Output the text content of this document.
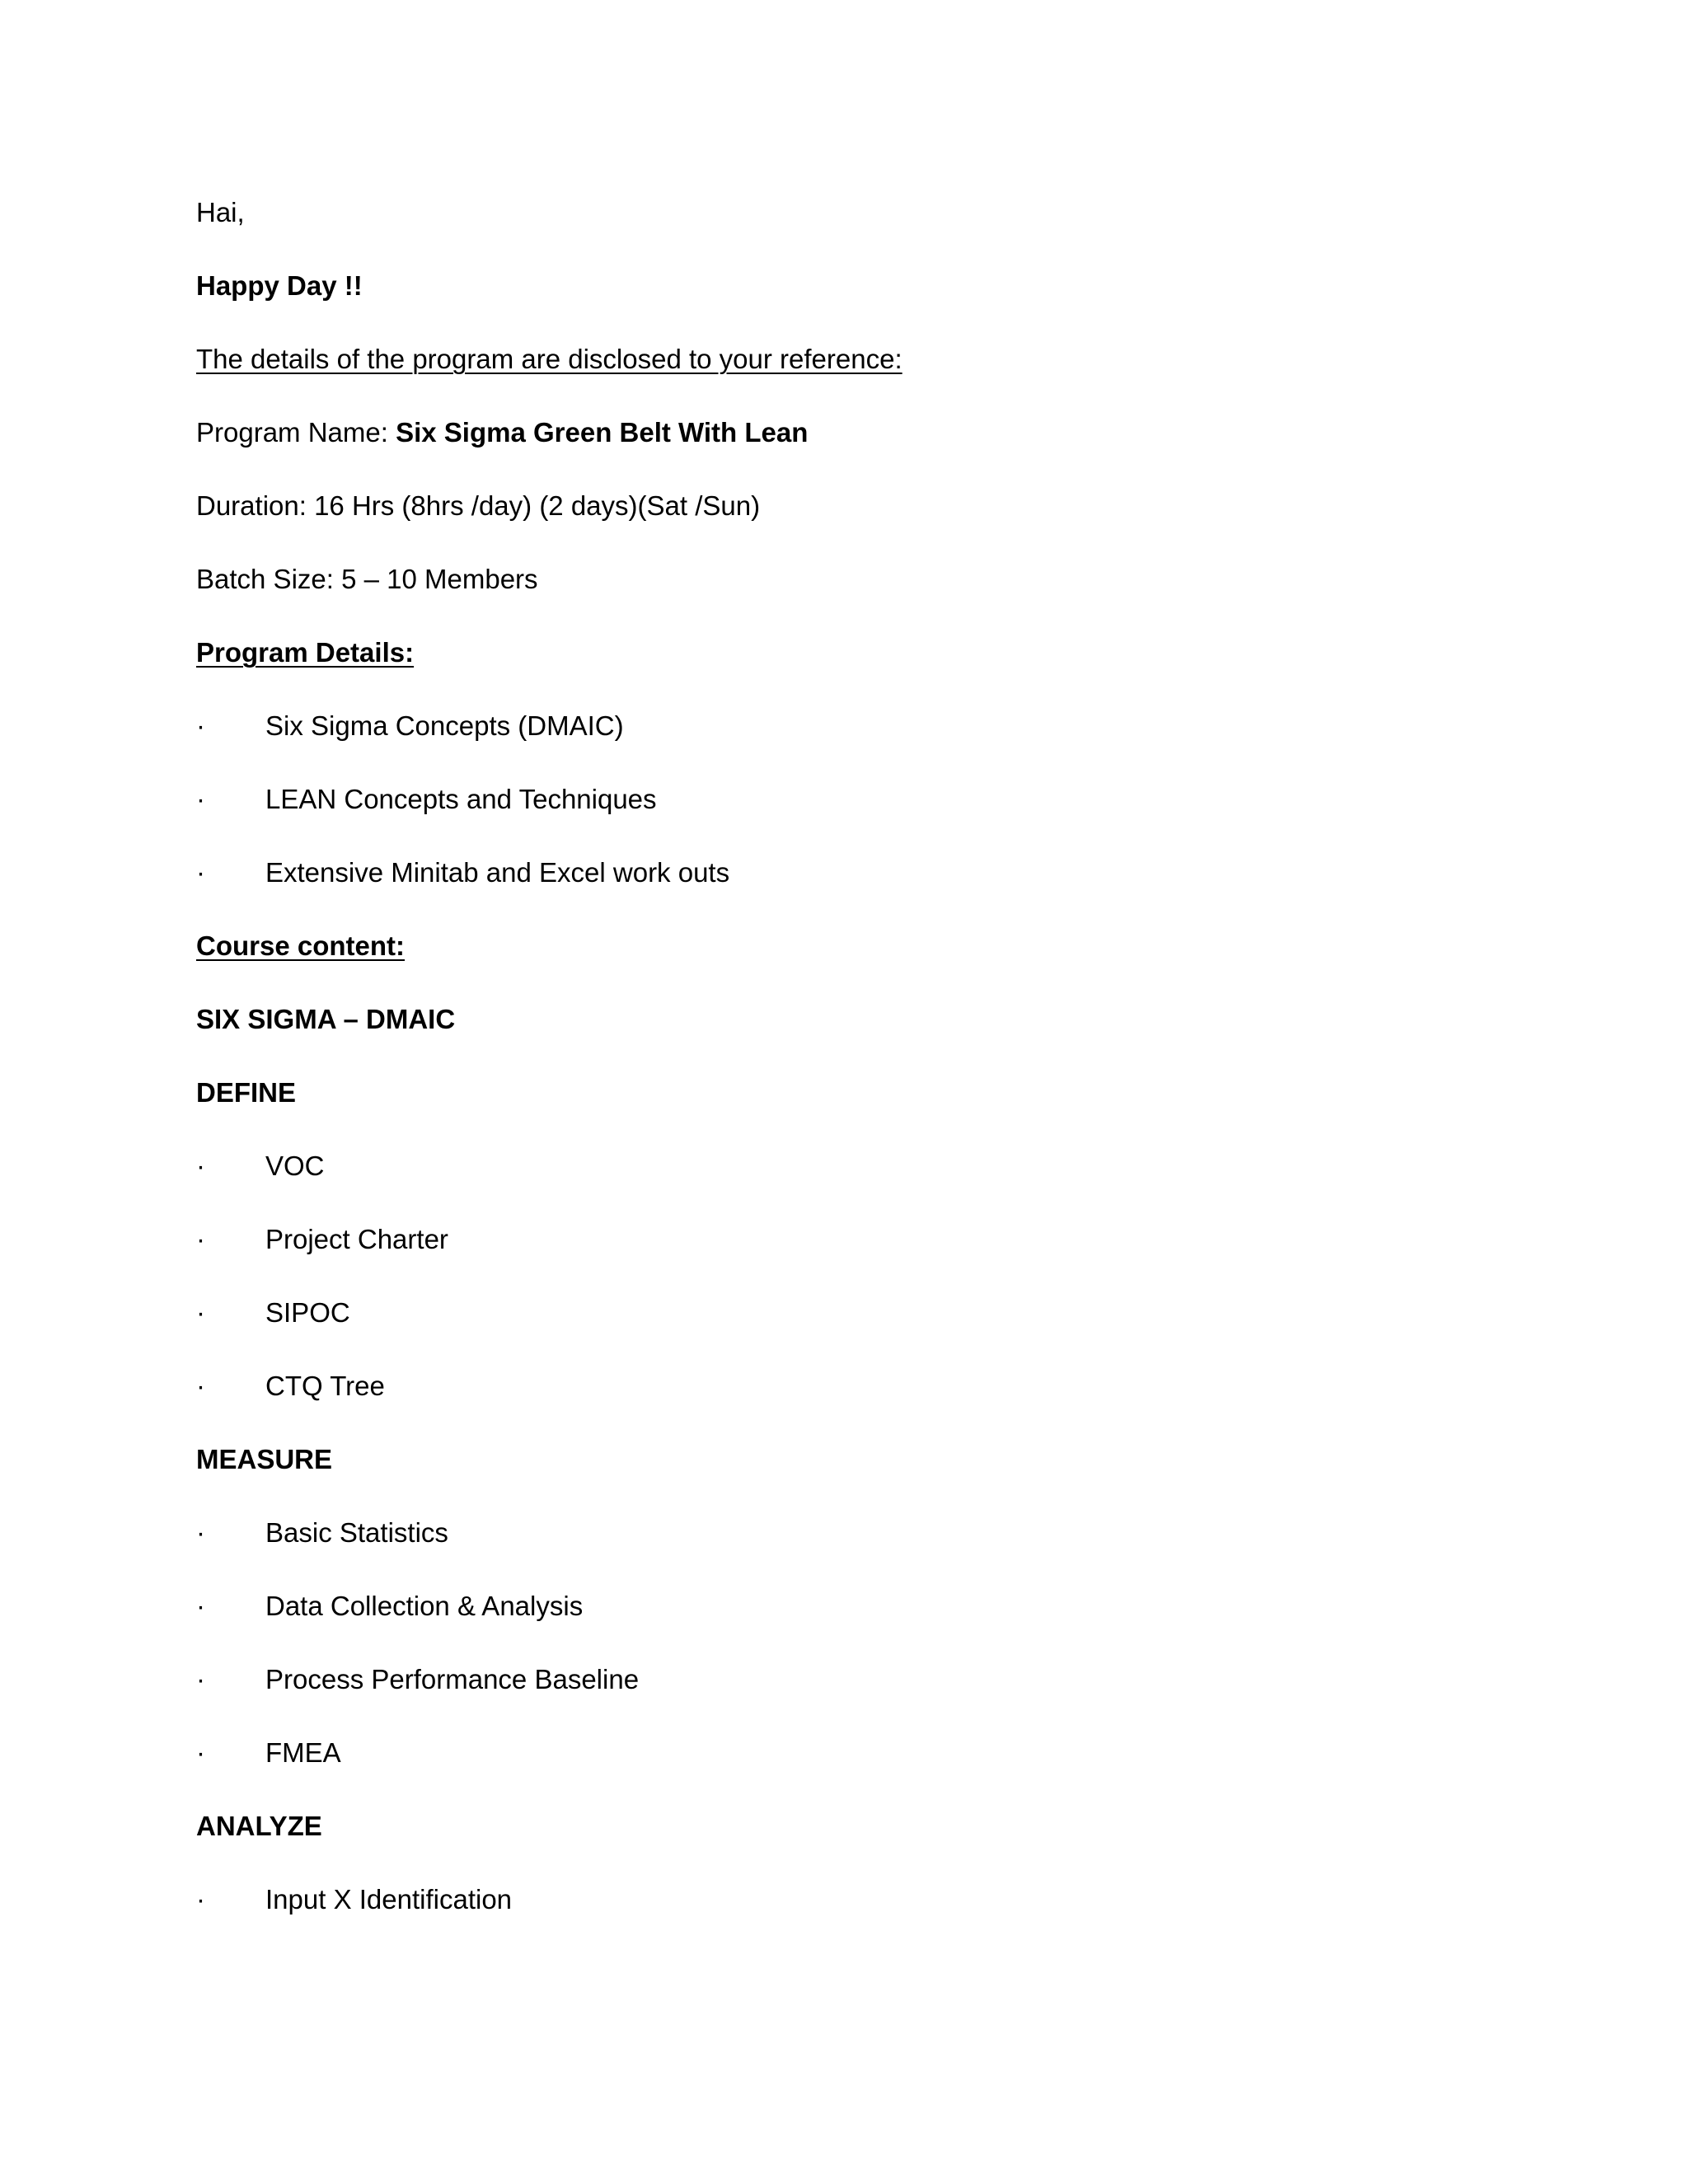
Hai,
Happy Day !!
The details of the program are disclosed to your reference:
Program Name: Six Sigma Green Belt With Lean
Duration: 16 Hrs (8hrs /day) (2 days)(Sat /Sun)
Batch Size: 5 – 10 Members
Program Details:
· Six Sigma Concepts (DMAIC)
· LEAN Concepts and Techniques
· Extensive Minitab and Excel work outs
Course content:
SIX SIGMA – DMAIC
DEFINE
· VOC
· Project Charter
· SIPOC
· CTQ Tree
MEASURE
· Basic Statistics
· Data Collection & Analysis
· Process Performance Baseline
· FMEA
ANALYZE
· Input X Identification
